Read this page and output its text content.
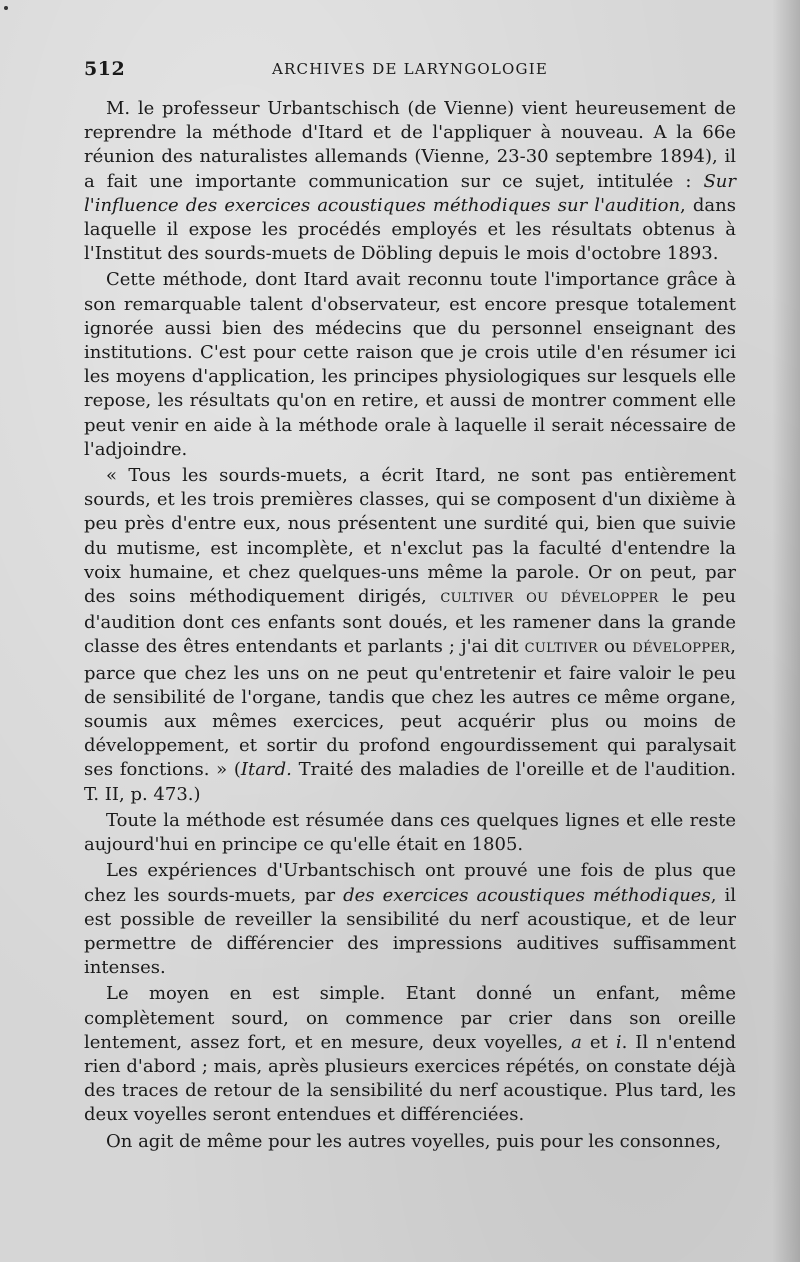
512	ARCHIVES DE LARYNGOLOGIE

M. le professeur Urbantschisch (de Vienne) vient heureusement de reprendre la méthode d'Itard et de l'appliquer à nouveau. A la 66e réunion des naturalistes allemands (Vienne, 23-30 septembre 1894), il a fait une importante communication sur ce sujet, intitulée : Sur l'influence des exercices acoustiques méthodiques sur l'audition, dans laquelle il expose les procédés employés et les résultats obtenus à l'Institut des sourds-muets de Döbling depuis le mois d'octobre 1893.

Cette méthode, dont Itard avait reconnu toute l'importance grâce à son remarquable talent d'observateur, est encore presque totalement ignorée aussi bien des médecins que du personnel enseignant des institutions. C'est pour cette raison que je crois utile d'en résumer ici les moyens d'application, les principes physiologiques sur lesquels elle repose, les résultats qu'on en retire, et aussi de montrer comment elle peut venir en aide à la méthode orale à laquelle il serait nécessaire de l'adjoindre.

« Tous les sourds-muets, a écrit Itard, ne sont pas entièrement sourds, et les trois premières classes, qui se composent d'un dixième à peu près d'entre eux, nous présentent une surdité qui, bien que suivie du mutisme, est incomplète, et n'exclut pas la faculté d'entendre la voix humaine, et chez quelques-uns même la parole. Or on peut, par des soins méthodiquement dirigés, CULTIVER OU DÉVELOPPER le peu d'audition dont ces enfants sont doués, et les ramener dans la grande classe des êtres entendants et parlants ; j'ai dit CULTIVER ou DÉVELOPPER, parce que chez les uns on ne peut qu'entretenir et faire valoir le peu de sensibilité de l'organe, tandis que chez les autres ce même organe, soumis aux mêmes exercices, peut acquérir plus ou moins de développement, et sortir du profond engourdissement qui paralysait ses fonctions. » (Itard. Traité des maladies de l'oreille et de l'audition. T. II, p. 473.)

Toute la méthode est résumée dans ces quelques lignes et elle reste aujourd'hui en principe ce qu'elle était en 1805.

Les expériences d'Urbantschisch ont prouvé une fois de plus que chez les sourds-muets, par des exercices acoustiques méthodiques, il est possible de reveiller la sensibilité du nerf acoustique, et de leur permettre de différencier des impressions auditives suffisamment intenses.

Le moyen en est simple. Etant donné un enfant, même complètement sourd, on commence par crier dans son oreille lentement, assez fort, et en mesure, deux voyelles, a et i. Il n'entend rien d'abord ; mais, après plusieurs exercices répétés, on constate déjà des traces de retour de la sensibilité du nerf acoustique. Plus tard, les deux voyelles seront entendues et différenciées.

On agit de même pour les autres voyelles, puis pour les consonnes,
